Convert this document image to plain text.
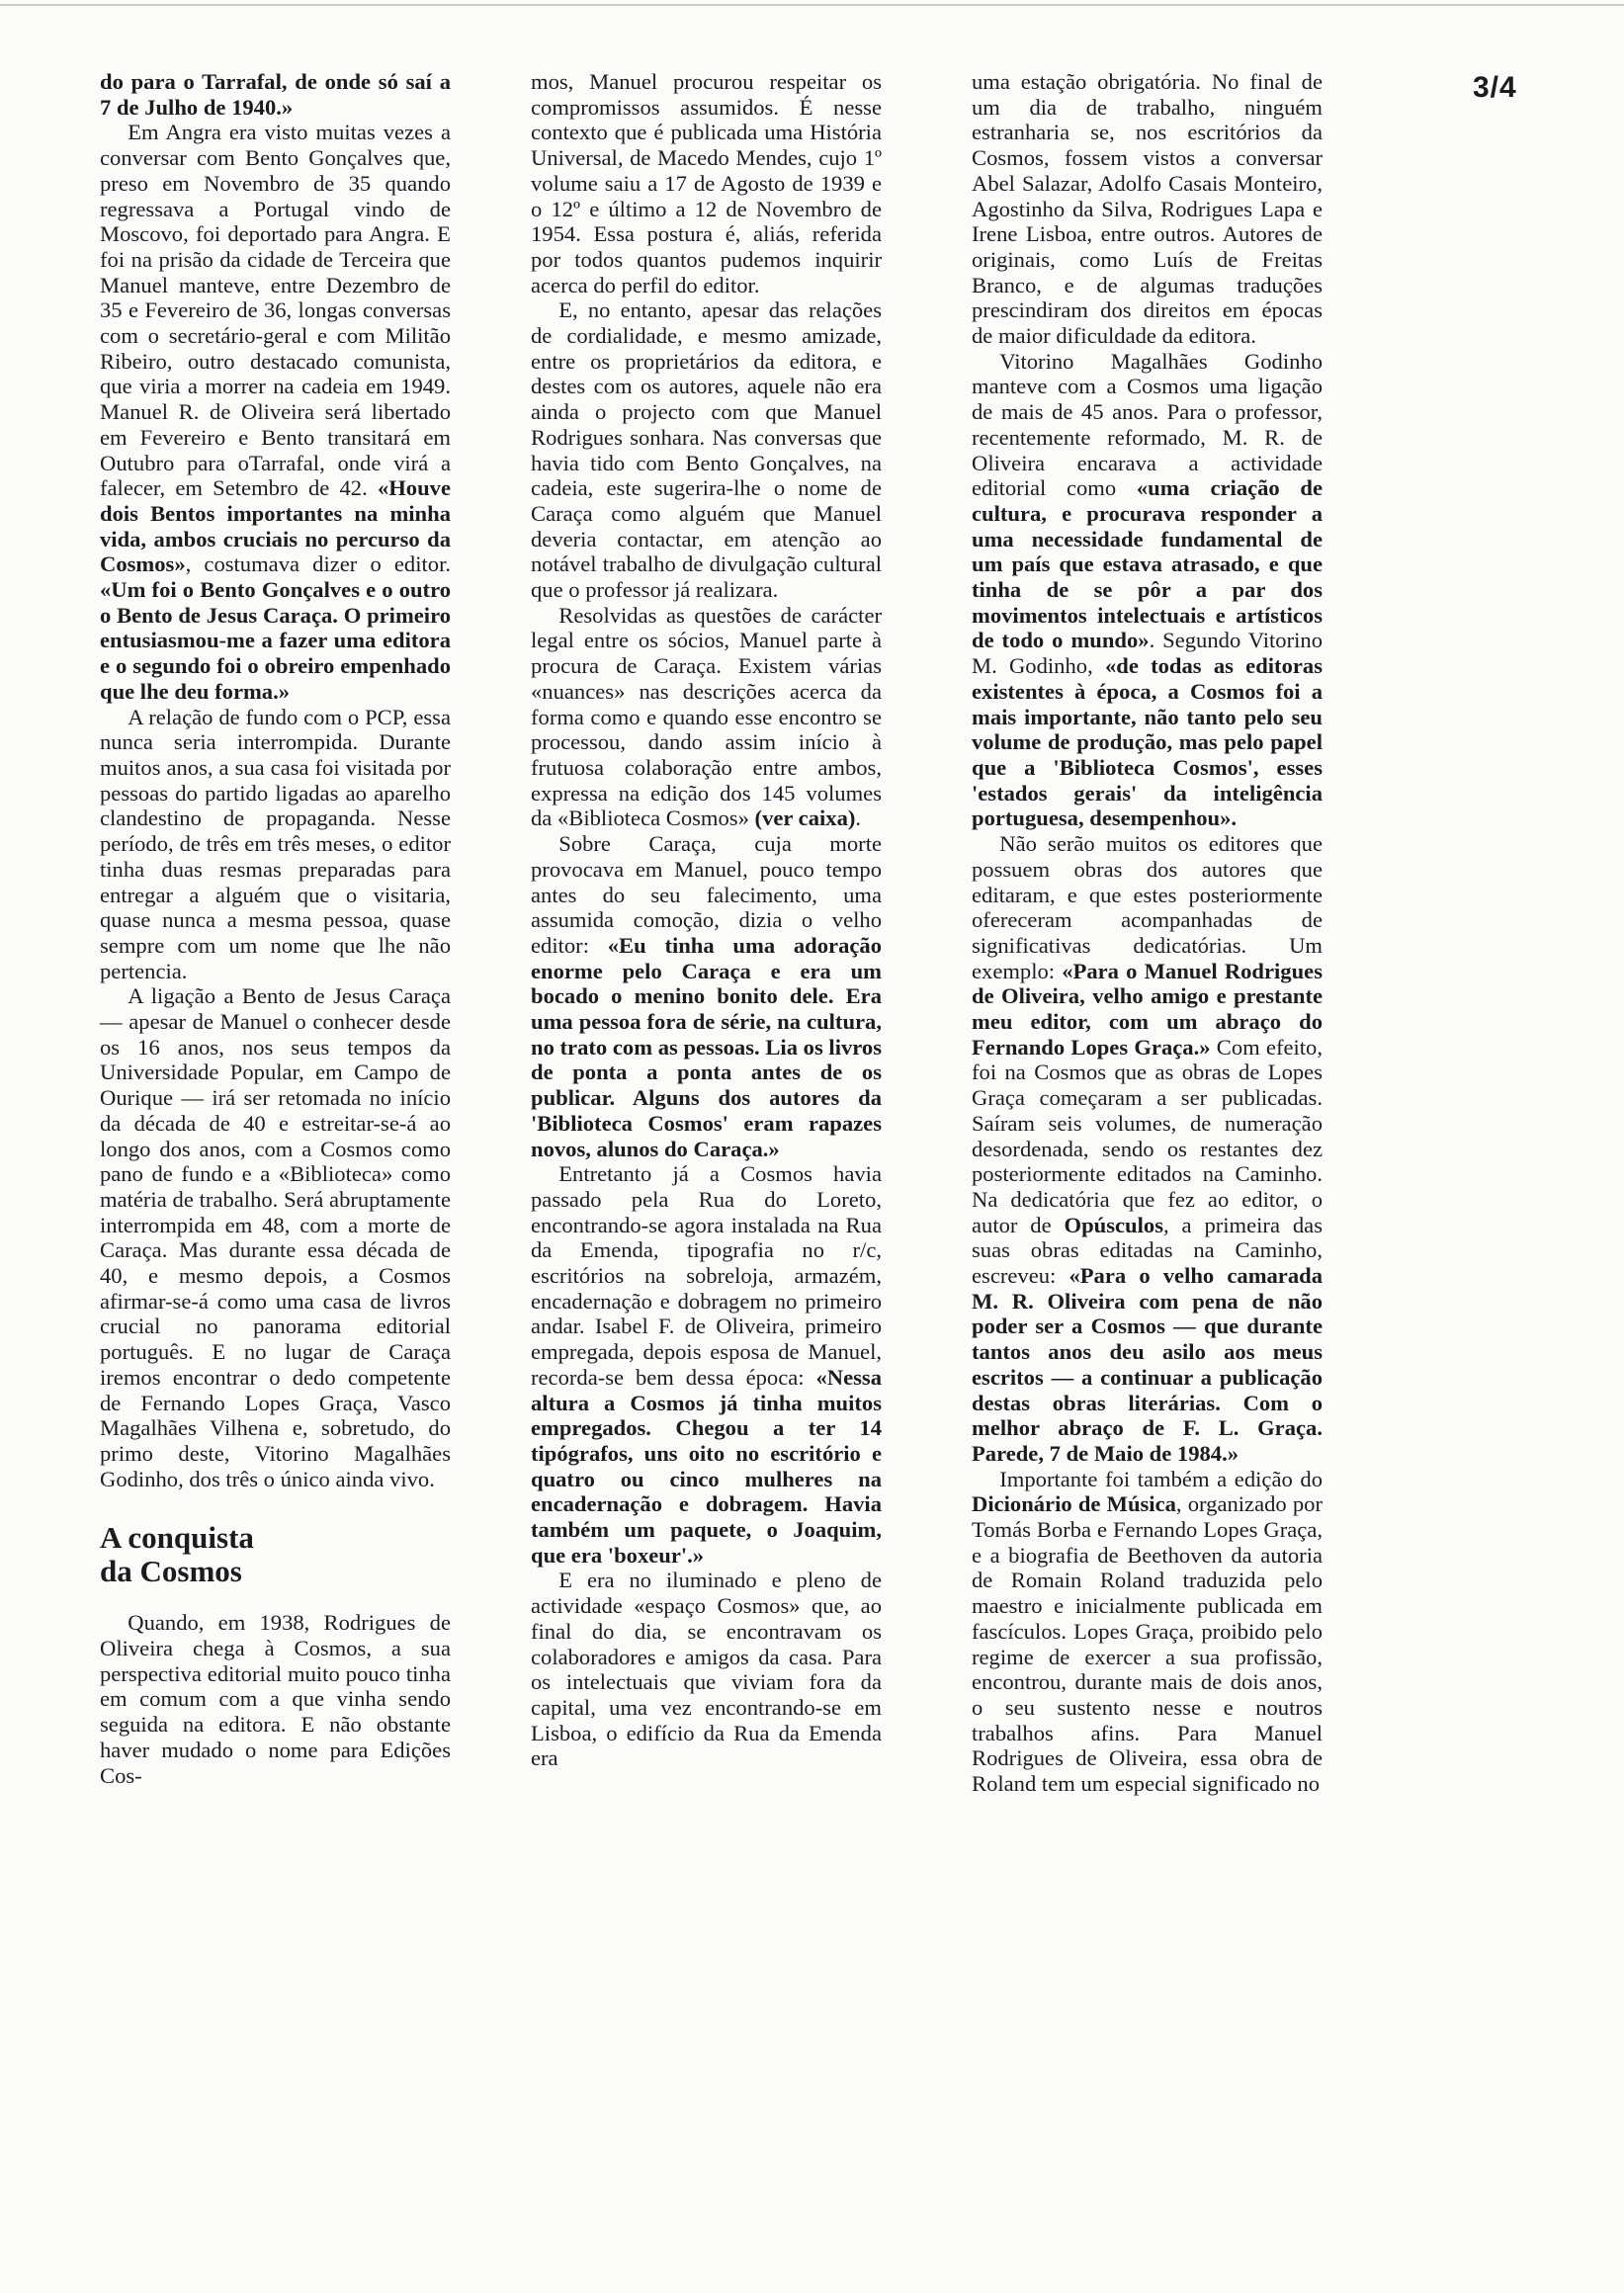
do para o Tarrafal, de onde só saí a 7 de Julho de 1940.»

Em Angra era visto muitas vezes a conversar com Bento Gonçalves que, preso em Novembro de 35 quando regressava a Portugal vindo de Moscovo, foi deportado para Angra. E foi na prisão da cidade de Terceira que Manuel manteve, entre Dezembro de 35 e Fevereiro de 36, longas conversas com o secretário-geral e com Militão Ribeiro, outro destacado comunista, que viria a morrer na cadeia em 1949. Manuel R. de Oliveira será libertado em Fevereiro e Bento transitará em Outubro para oTarrafal, onde virá a falecer, em Setembro de 42. «Houve dois Bentos importantes na minha vida, ambos cruciais no percurso da Cosmos», costumava dizer o editor. «Um foi o Bento Gonçalves e o outro o Bento de Jesus Caraça. O primeiro entusiasmou-me a fazer uma editora e o segundo foi o obreiro empenhado que lhe deu forma.»

A relação de fundo com o PCP, essa nunca seria interrompida. Durante muitos anos, a sua casa foi visitada por pessoas do partido ligadas ao aparelho clandestino de propaganda. Nesse período, de três em três meses, o editor tinha duas resmas preparadas para entregar a alguém que o visitaria, quase nunca a mesma pessoa, quase sempre com um nome que lhe não pertencia.

A ligação a Bento de Jesus Caraça — apesar de Manuel o conhecer desde os 16 anos, nos seus tempos da Universidade Popular, em Campo de Ourique — irá ser retomada no início da década de 40 e estreitar-se-á ao longo dos anos, com a Cosmos como pano de fundo e a «Biblioteca» como matéria de trabalho. Será abruptamente interrompida em 48, com a morte de Caraça. Mas durante essa década de 40, e mesmo depois, a Cosmos afirmar-se-á como uma casa de livros crucial no panorama editorial português. E no lugar de Caraça iremos encontrar o dedo competente de Fernando Lopes Graça, Vasco Magalhães Vilhena e, sobretudo, do primo deste, Vitorino Magalhães Godinho, dos três o único ainda vivo.

A conquista
da Cosmos

Quando, em 1938, Rodrigues de Oliveira chega à Cosmos, a sua perspectiva editorial muito pouco tinha em comum com a que vinha sendo seguida na editora. E não obstante haver mudado o nome para Edições Cos-

mos, Manuel procurou respeitar os compromissos assumidos. É nesse contexto que é publicada uma História Universal, de Macedo Mendes, cujo 1º volume saiu a 17 de Agosto de 1939 e o 12º e último a 12 de Novembro de 1954. Essa postura é, aliás, referida por todos quantos pudemos inquirir acerca do perfil do editor.

E, no entanto, apesar das relações de cordialidade, e mesmo amizade, entre os proprietários da editora, e destes com os autores, aquele não era ainda o projecto com que Manuel Rodrigues sonhara. Nas conversas que havia tido com Bento Gonçalves, na cadeia, este sugerira-lhe o nome de Caraça como alguém que Manuel deveria contactar, em atenção ao notável trabalho de divulgação cultural que o professor já realizara.

Resolvidas as questões de carácter legal entre os sócios, Manuel parte à procura de Caraça. Existem várias «nuances» nas descrições acerca da forma como e quando esse encontro se processou, dando assim início à frutuosa colaboração entre ambos, expressa na edição dos 145 volumes da «Biblioteca Cosmos» (ver caixa).

Sobre Caraça, cuja morte provocava em Manuel, pouco tempo antes do seu falecimento, uma assumida comoção, dizia o velho editor: «Eu tinha uma adoração enorme pelo Caraça e era um bocado o menino bonito dele. Era uma pessoa fora de série, na cultura, no trato com as pessoas. Lia os livros de ponta a ponta antes de os publicar. Alguns dos autores da 'Biblioteca Cosmos' eram rapazes novos, alunos do Caraça.»

Entretanto já a Cosmos havia passado pela Rua do Loreto, encontrando-se agora instalada na Rua da Emenda, tipografia no r/c, escritórios na sobreloja, armazém, encadernação e dobragem no primeiro andar. Isabel F. de Oliveira, primeiro empregada, depois esposa de Manuel, recorda-se bem dessa época: «Nessa altura a Cosmos já tinha muitos empregados. Chegou a ter 14 tipógrafos, uns oito no escritório e quatro ou cinco mulheres na encadernação e dobragem. Havia também um paquete, o Joaquim, que era 'boxeur'.»

E era no iluminado e pleno de actividade «espaço Cosmos» que, ao final do dia, se encontravam os colaboradores e amigos da casa. Para os intelectuais que viviam fora da capital, uma vez encontrando-se em Lisboa, o edifício da Rua da Emenda era

uma estação obrigatória. No final de um dia de trabalho, ninguém estranharia se, nos escritórios da Cosmos, fossem vistos a conversar Abel Salazar, Adolfo Casais Monteiro, Agostinho da Silva, Rodrigues Lapa e Irene Lisboa, entre outros. Autores de originais, como Luís de Freitas Branco, e de algumas traduções prescindiram dos direitos em épocas de maior dificuldade da editora.

Vitorino Magalhães Godinho manteve com a Cosmos uma ligação de mais de 45 anos. Para o professor, recentemente reformado, M. R. de Oliveira encarava a actividade editorial como «uma criação de cultura, e procurava responder a uma necessidade fundamental de um país que estava atrasado, e que tinha de se pôr a par dos movimentos intelectuais e artísticos de todo o mundo». Segundo Vitorino M. Godinho, «de todas as editoras existentes à época, a Cosmos foi a mais importante, não tanto pelo seu volume de produção, mas pelo papel que a 'Biblioteca Cosmos', esses 'estados gerais' da inteligência portuguesa, desempenhou».

Não serão muitos os editores que possuem obras dos autores que editaram, e que estes posteriormente ofereceram acompanhadas de significativas dedicatórias. Um exemplo: «Para o Manuel Rodrigues de Oliveira, velho amigo e prestante meu editor, com um abraço do Fernando Lopes Graça.» Com efeito, foi na Cosmos que as obras de Lopes Graça começaram a ser publicadas. Saíram seis volumes, de numeração desordenada, sendo os restantes dez posteriormente editados na Caminho. Na dedicatória que fez ao editor, o autor de Opúsculos, a primeira das suas obras editadas na Caminho, escreveu: «Para o velho camarada M. R. Oliveira com pena de não poder ser a Cosmos — que durante tantos anos deu asilo aos meus escritos — a continuar a publicação destas obras literárias. Com o melhor abraço de F. L. Graça. Parede, 7 de Maio de 1984.»

Importante foi também a edição do Dicionário de Música, organizado por Tomás Borba e Fernando Lopes Graça, e a biografia de Beethoven da autoria de Romain Roland traduzida pelo maestro e inicialmente publicada em fascículos. Lopes Graça, proibido pelo regime de exercer a sua profissão, encontrou, durante mais de dois anos, o seu sustento nesse e noutros trabalhos afins. Para Manuel Rodrigues de Oliveira, essa obra de Roland tem um especial significado no

3/4
